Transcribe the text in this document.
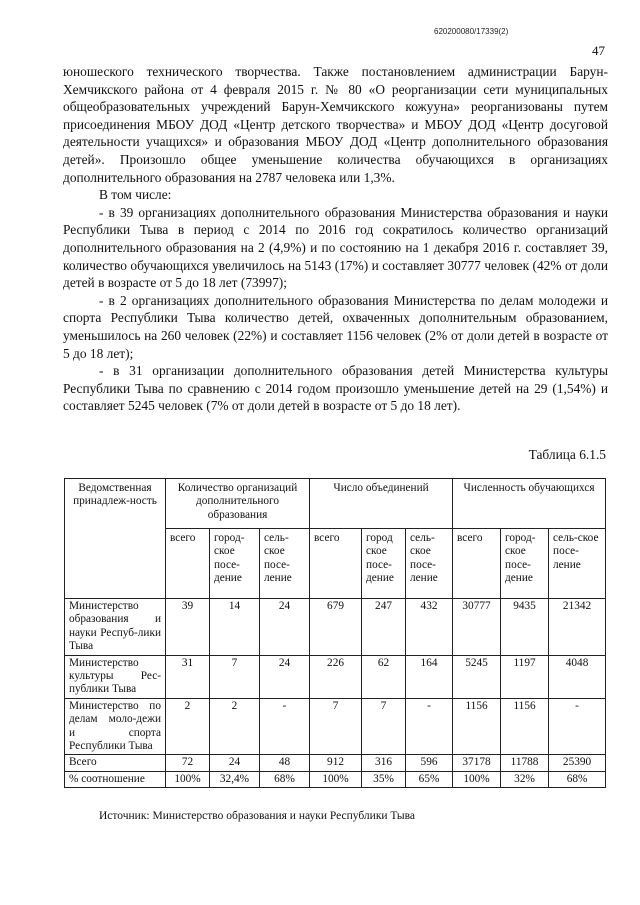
620200080/17339(2)
47

юношеского технического творчества. Также постановлением администрации Барун-Хемчикского района от 4 февраля 2015 г. № 80 «О реорганизации сети муниципальных общеобразовательных учреждений Барун-Хемчикского кожууна» реорганизованы путем присоединения МБОУ ДОД «Центр детского творчества» и МБОУ ДОД «Центр досуговой деятельности учащихся» и образования МБОУ ДОД «Центр дополнительного образования детей». Произошло общее уменьшение количества обучающихся в организациях дополнительного образования на 2787 человека или 1,3%.

В том числе:

- в 39 организациях дополнительного образования Министерства образования и науки Республики Тыва в период с 2014 по 2016 год сократилось количество организаций дополнительного образования на 2 (4,9%) и по состоянию на 1 декабря 2016 г. составляет 39, количество обучающихся увеличилось на 5143 (17%) и составляет 30777 человек (42% от доли детей в возрасте от 5 до 18 лет (73997);

- в 2 организациях дополнительного образования Министерства по делам молодежи и спорта Республики Тыва количество детей, охваченных дополнительным образованием, уменьшилось на 260 человек (22%) и составляет 1156 человек (2% от доли детей в возрасте от 5 до 18 лет);

- в 31 организации дополнительного образования детей Министерства культуры Республики Тыва по сравнению с 2014 годом произошло уменьшение детей на 29 (1,54%) и составляет 5245 человек (7% от доли детей в возрасте от 5 до 18 лет).

Таблица 6.1.5
Ведомственная принадлеж-ность	Количество организаций дополнительного образования			Число объединений			Численность обучающихся		
	всего	город-ское посе-дение	сель-ское посе-ление	всего	город ское посе-дение	сель-ское посе-ление	всего	город-ское посе-дение	сель-ское посе-ление
Министерство образования и науки Респуб-лики Тыва	39	14	24	679	247	432	30777	9435	21342
Министерство культуры Рес-публики Тыва	31	7	24	226	62	164	5245	1197	4048
Министерство по делам моло-дежи и спорта Республики Тыва	2	2	-	7	7	-	1156	1156	-
Всего	72	24	48	912	316	596	37178	11788	25390
% соотношение	100%	32,4%	68%	100%	35%	65%	100%	32%	68%
Источник: Министерство образования и науки Республики Тыва
